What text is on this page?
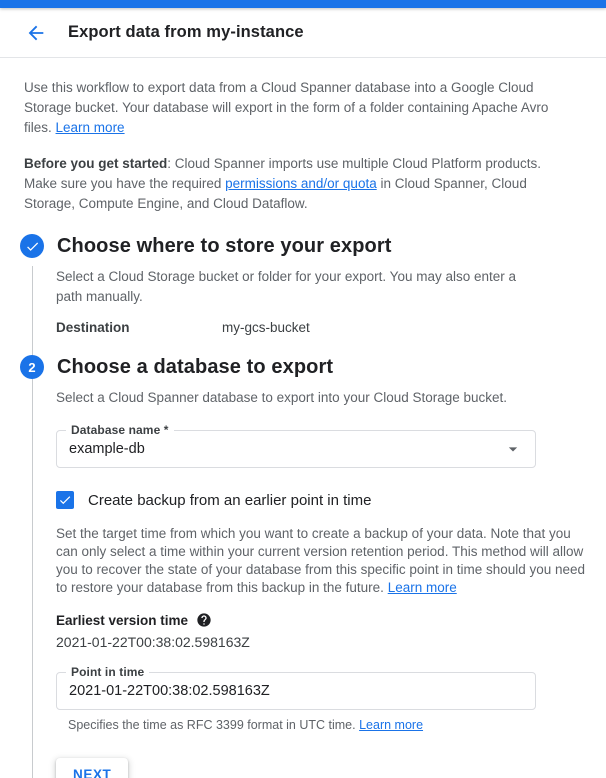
Export data from my-instance

Use this workflow to export data from a Cloud Spanner database into a Google Cloud Storage bucket. Your database will export in the form of a folder containing Apache Avro files. Learn more

Before you get started: Cloud Spanner imports use multiple Cloud Platform products. Make sure you have the required permissions and/or quota in Cloud Spanner, Cloud Storage, Compute Engine, and Cloud Dataflow.

Choose where to store your export

Select a Cloud Storage bucket or folder for your export. You may also enter a path manually.

Destination	my-gcs-bucket
2	Choose a database to export

Select a Cloud Spanner database to export into your Cloud Storage bucket.

Database name *
example-db
Create backup from an earlier point in time

Set the target time from which you want to create a backup of your data. Note that you can only select a time within your current version retention period. This method will allow you to recover the state of your database from this specific point in time should you need to restore your database from this backup in the future. Learn more

Earliest version time
2021-01-22T00:38:02.598163Z
Point in time
2021-01-22T00:38:02.598163Z
Specifies the time as RFC 3399 format in UTC time. Learn more
NEXT
